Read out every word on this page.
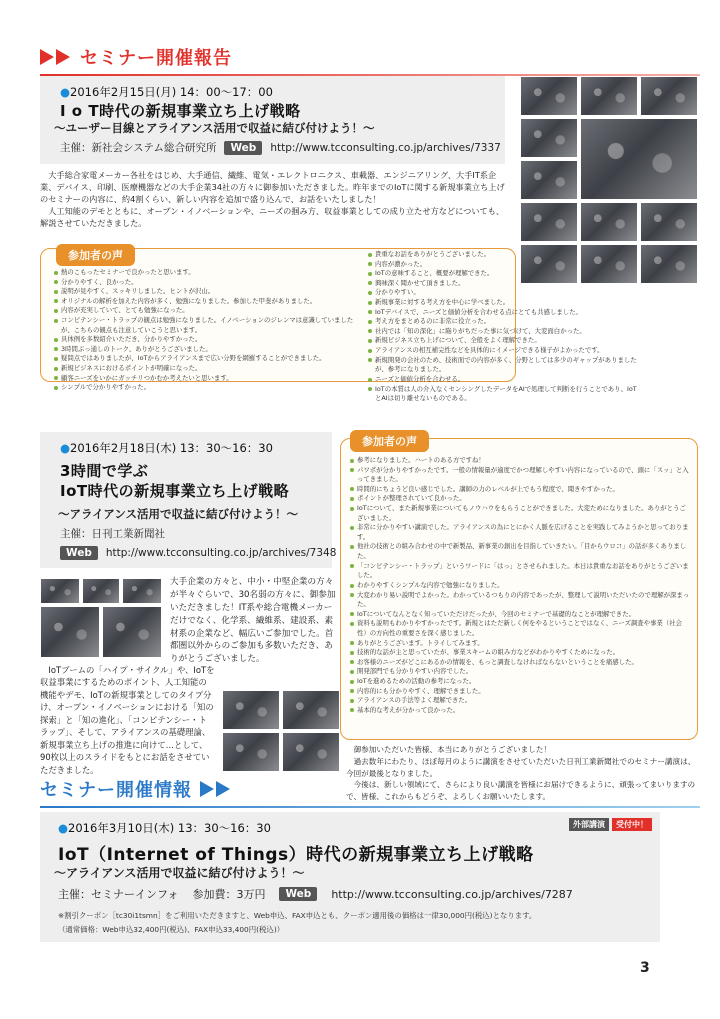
セミナー開催報告
●2016年2月15日(月) 14：00～17：00
I o T時代の新規事業立ち上げ戦略
～ユーザー目線とアライアンス活用で収益に結び付けよう！～
主催：新社会システム総合研究所	Web	http://www.tcconsulting.co.jp/archives/7337

　大手総合家電メーカー各社をはじめ、大手通信、繊維、電気・エレクトロニクス、車載器、エンジニアリング、大手IT系企業、デバイス、印刷、医療機器などの大手企業34社の方々に御参加いただきました。昨年までのIoTに関する新規事業立ち上げのセミナーの内容に、約4割くらい、新しい内容を追加で盛り込んで、お話をいたしました！

　人工知能のデモとともに、オープン・イノベーションや、ニーズの掴み方、収益事業としての成り立たせ方などについても、解説させていただきました。

参加者の声
熱のこもったセミナーで良かったと思います。
分かりやすく、良かった。
説明が見やすく、スッキリしました。ヒントが沢山。
オリジナルの解析を加えた内容が多く、勉強になりました。参加した甲斐がありました。
内容が充実していて、とても勉強になった。
コンピテンシー・トラップの観点は勉強になりました。イノベーションのジレンマは意識していましたが、こちらの観点も注意していこうと思います。
具体例を多数紹介いただき、分かりやすかった。
3時間ぶっ通しのトーク、ありがとうございました。
疑問点ではありましたが、IoTからアライアンスまで広い分野を網羅することができました。
新規ビジネスにおけるポイントが明確になった。
顧客ニーズをいかにガッチリつかむか考えたいと思います。
シンプルで分かりやすかった。
貴重なお話をありがとうございました。
内容が濃かった。
IoTの意味すること、概要が理解できた。
興味深く聞かせて頂きました。
分かりやすい。
新規事業に対する考え方を中心に学べました。
IoTデバイスで、ニーズと価値分析を合わせる点にとても共感しました。
考え方をまとめるのに非常に役立った。
社内では「知の深化」に陥りがちだった事に気づけて、大変面白かった。
新規ビジネス立ち上げについて、全般をよく理解できた。
アライアンスの相互補完性などを具体的にイメージできる様子がよかったです。
新規開発の会社のため、技術面での内容が多く、分野としては多少のギャップがありましたが、参考になりました。
ニーズと価値分析を合わせる。
IoTの本質は人の介入なくセンシングしたデータをAIで処理して判断を行うことであり、IoTとAIは切り離せないものである。
●2016年2月18日(木) 13：30～16：30
3時間で学ぶ
IoT時代の新規事業立ち上げ戦略
～アライアンス活用で収益に結び付けよう！～
主催：日刊工業新聞社
Web	http://www.tcconsulting.co.jp/archives/7348
大手企業の方々と、中小・中堅企業の方々が半々ぐらいで、30名弱の方々に、御参加いただきました！IT系や総合電機メーカーだけでなく、化学系、繊維系、建設系、素材系の企業など、幅広いご参加でした。首都圏以外からのご参加も多数いただき、ありがとうございました。
　IoTブームの「ハイプ・サイクル」や、IoTを収益事業にするためのポイント、人工知能の機能やデモ、IoTの新規事業としてのタイプ分け、オープン・イノベーションにおける「知の探索」と「知の進化」、「コンピテンシー・トラップ」、そして、アライアンスの基礎理論、新規事業立ち上げの推進に向けて…として、90枚以上のスライドをもとにお話をさせていただきました。
参加者の声
参考になりました。ハートのある方ですね！
パワポが分かりやすかったです。一般の情報量が適度でかつ理解しやすい内容になっているので、頭に「スッ」と入ってきました。
時間的にちょうど良い感じでした。講師の力のレベルが上でもう程度で、聞きやすかった。
ポイントが整理されていて良かった。
IoTについて、また新規事業についてもノウハウをもらうことができました。大変ためになりました。ありがとうございました。
非常に分かりやすい講演でした。アライアンスの為にとにかく人脈を広げることを実践してみようかと思っております。
他社の技術との組み合わせの中で新製品、新事業の創出を目指していきたい。「目からウロコ」の話が多くありました。
「コンピテンシー・トラップ」というワードに「はっ」とさせられました。本日は貴重なお話をありがとうございました。
わかりやすくシンプルな内容で勉強になりました。
大変わかり易い説明でよかった。わかっているつもりの内容であったが、整理して説明いただいたので理解が深まった。
IoTについてなんとなく知っていただけだったが、今回のセミナーで基礎的なことが理解できた。
資料も説明もわかりやすかったです。新規とはただ新しく何をやるということではなく、ニーズ調査や事業（社会性）の方向性の重要さを深く感じました。
ありがとうございます。トライしてみます。
技術的な話が主と思っていたが、事業スキームの組み方などがわかりやすくためになった。
お客様のニーズがどこにあるかの情報を、もっと調査しなければならないということを痛感した。
開発部門でも分かりやすい内容でした。
IoTを進めるための活動の参考になった。
内容的にも分かりやすく、理解できました。
アライアンスの手法等よく理解できた。
基本的な考えが分かって良かった。

　御参加いただいた皆様、本当にありがとうございました！

　過去数年にわたり、ほぼ毎月のように講演をさせていただいた日刊工業新聞社でのセミナー講演は、今回が最後となりました。

　今後は、新しい領域にて、さらにより良い講演を皆様にお届けできるように、頑張ってまいりますので、皆様、これからもどうぞ、よろしくお願いいたします。

セミナー開催情報
外部講演	受付中！
●2016年3月10日(木) 13：30～16：30
IoT（Internet of Things）時代の新規事業立ち上げ戦略
～アライアンス活用で収益に結び付けよう！～
主催：セミナーインフォ 参加費：3万円	Web	http://www.tcconsulting.co.jp/archives/7287
※割引クーポン［tc30i1tsmn］をご利用いただきますと、Web申込、FAX申込とも、クーポン適用後の価格は一律30,000円(税込)となります。
（通常価格：Web申込32,400円(税込)、FAX申込33,400円(税込)）
3
